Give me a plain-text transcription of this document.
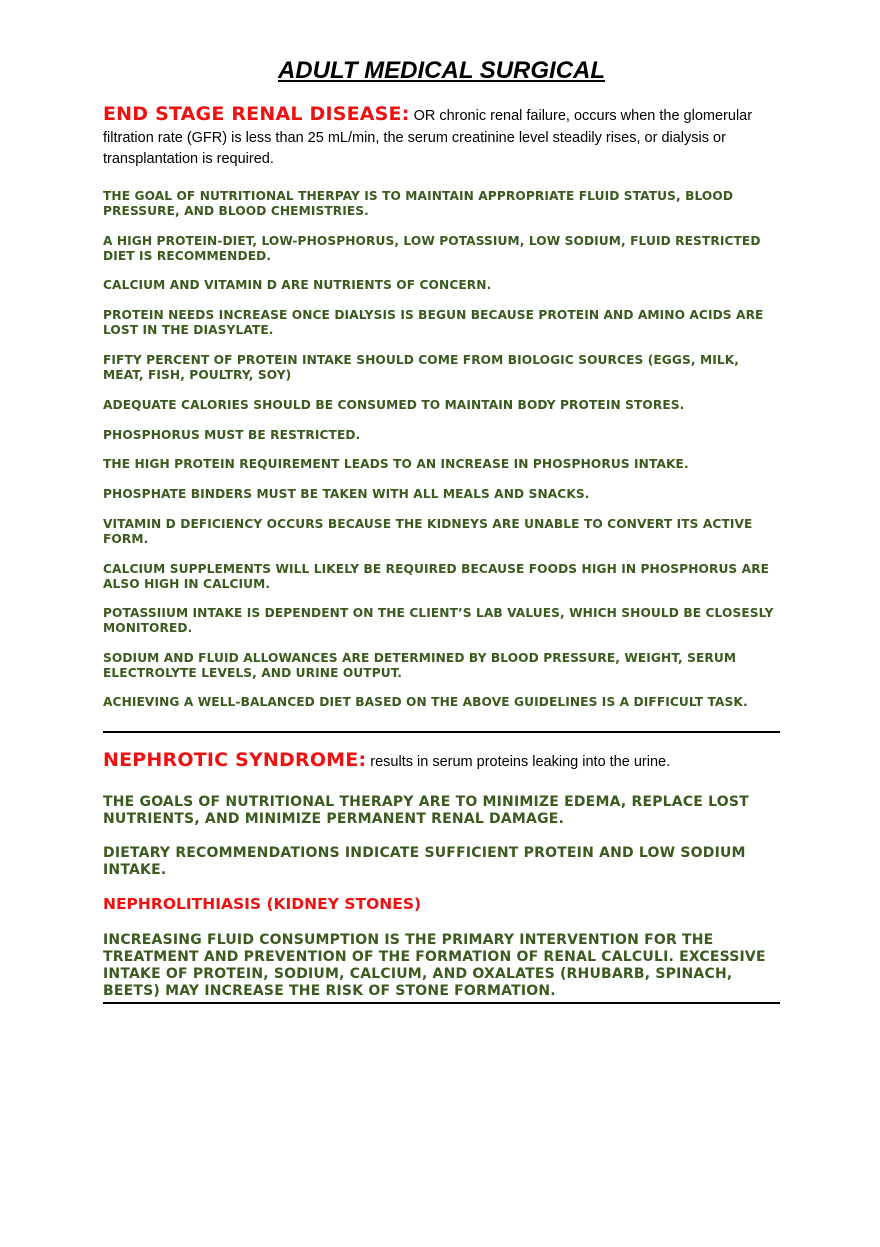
ADULT MEDICAL SURGICAL
END STAGE RENAL DISEASE: OR chronic renal failure, occurs when the glomerular filtration rate (GFR) is less than 25 mL/min, the serum creatinine level steadily rises, or dialysis or transplantation is required.
THE GOAL OF NUTRITIONAL THERPAY IS TO MAINTAIN APPROPRIATE FLUID STATUS, BLOOD PRESSURE, AND BLOOD CHEMISTRIES.
A HIGH PROTEIN-DIET, LOW-PHOSPHORUS, LOW POTASSIUM, LOW SODIUM, FLUID RESTRICTED DIET IS RECOMMENDED.
CALCIUM AND VITAMIN D ARE NUTRIENTS OF CONCERN.
PROTEIN NEEDS INCREASE ONCE DIALYSIS IS BEGUN BECAUSE PROTEIN AND AMINO ACIDS ARE LOST IN THE DIASYLATE.
FIFTY PERCENT OF PROTEIN INTAKE SHOULD COME FROM BIOLOGIC SOURCES (EGGS, MILK, MEAT, FISH, POULTRY, SOY)
ADEQUATE CALORIES SHOULD BE CONSUMED TO MAINTAIN BODY PROTEIN STORES.
PHOSPHORUS MUST BE RESTRICTED.
THE HIGH PROTEIN REQUIREMENT LEADS TO AN INCREASE IN PHOSPHORUS INTAKE.
PHOSPHATE BINDERS MUST BE TAKEN WITH ALL MEALS AND SNACKS.
VITAMIN D DEFICIENCY OCCURS BECAUSE THE KIDNEYS ARE UNABLE TO CONVERT ITS ACTIVE FORM.
CALCIUM SUPPLEMENTS WILL LIKELY BE REQUIRED BECAUSE FOODS HIGH IN PHOSPHORUS ARE ALSO HIGH IN CALCIUM.
POTASSIIUM INTAKE IS DEPENDENT ON THE CLIENT’S LAB VALUES, WHICH SHOULD BE CLOSESLY MONITORED.
SODIUM AND FLUID ALLOWANCES ARE DETERMINED BY BLOOD PRESSURE, WEIGHT, SERUM ELECTROLYTE LEVELS, AND URINE OUTPUT.
ACHIEVING A WELL-BALANCED DIET BASED ON THE ABOVE GUIDELINES IS A DIFFICULT TASK.
NEPHROTIC SYNDROME: results in serum proteins leaking into the urine.
THE GOALS OF NUTRITIONAL THERAPY ARE TO MINIMIZE EDEMA, REPLACE LOST NUTRIENTS, AND MINIMIZE PERMANENT RENAL DAMAGE.
DIETARY RECOMMENDATIONS INDICATE SUFFICIENT PROTEIN AND LOW SODIUM INTAKE.
NEPHROLITHIASIS (KIDNEY STONES)
INCREASING FLUID CONSUMPTION IS THE PRIMARY INTERVENTION FOR THE TREATMENT AND PREVENTION OF THE FORMATION OF RENAL CALCULI. EXCESSIVE INTAKE OF PROTEIN, SODIUM, CALCIUM, AND OXALATES (RHUBARB, SPINACH, BEETS) MAY INCREASE THE RISK OF STONE FORMATION.
